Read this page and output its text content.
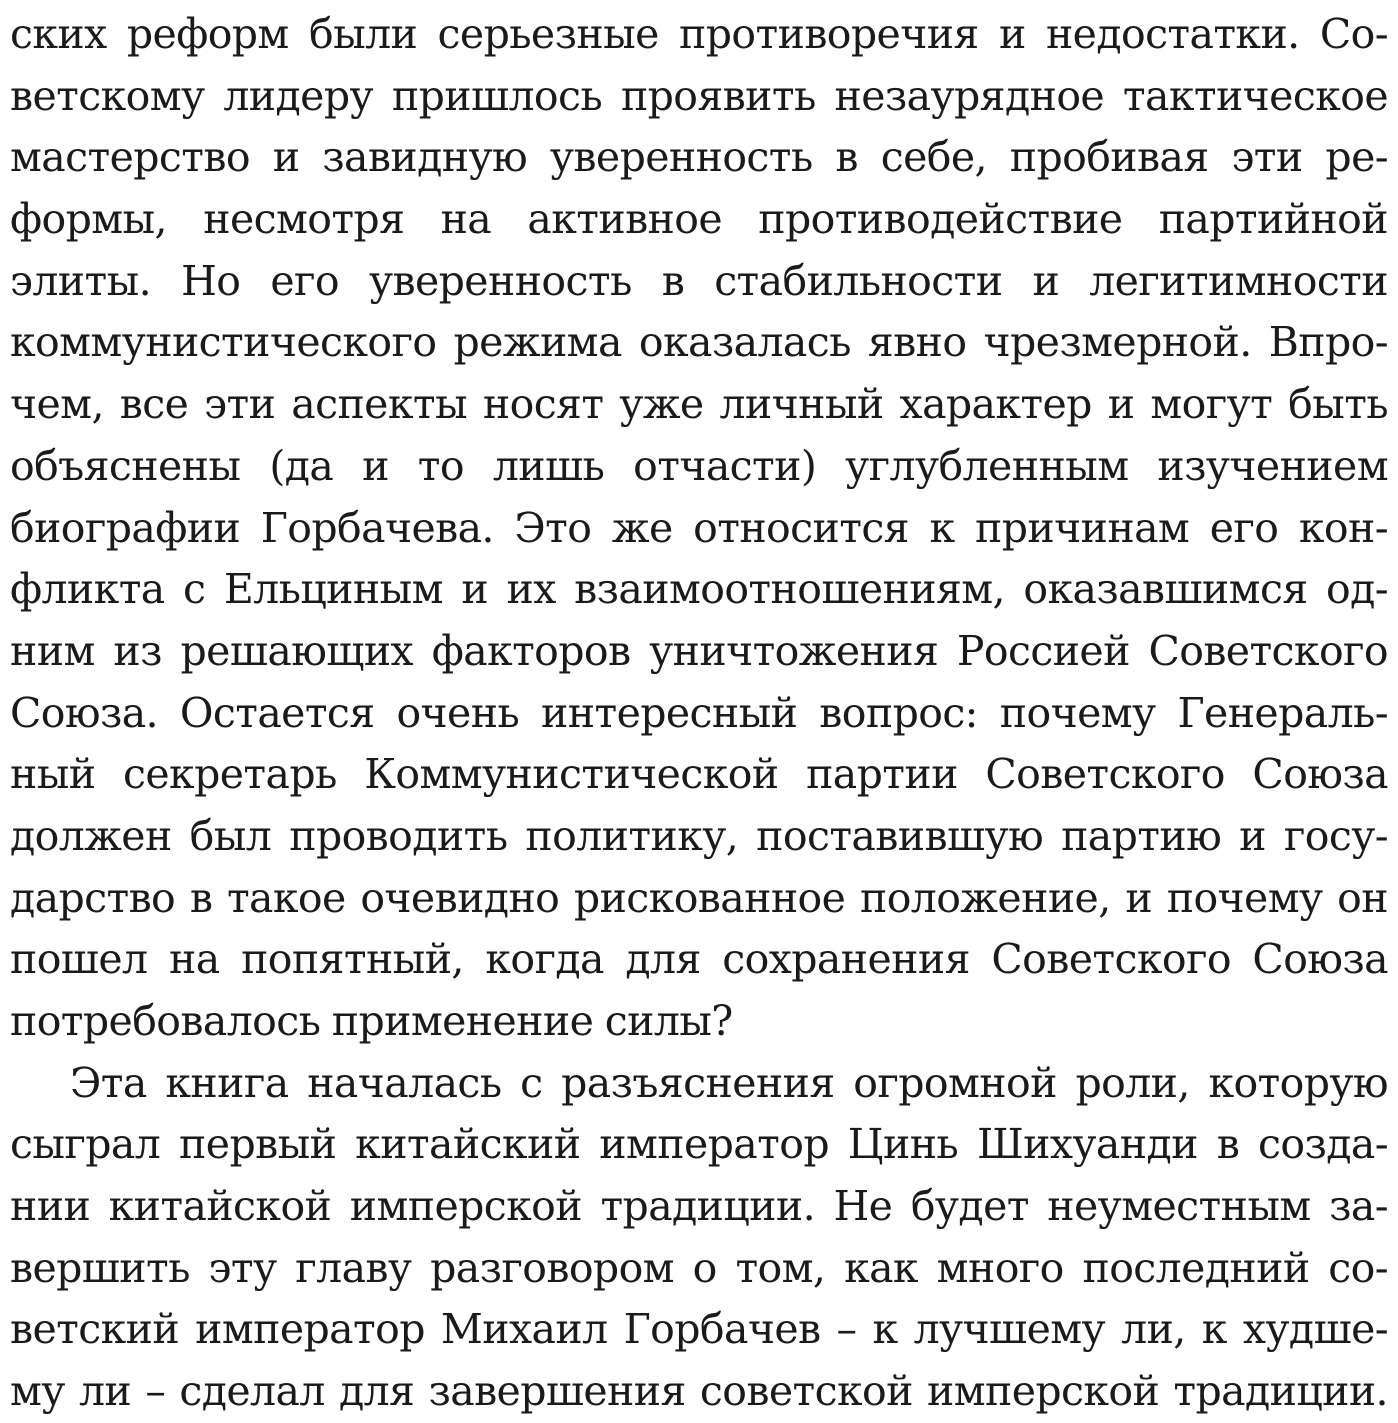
ских реформ были серьезные противоречия и недостатки. Со-
ветскому лидеру пришлось проявить незаурядное тактическое
мастерство и завидную уверенность в себе, пробивая эти ре-
формы, несмотря на активное противодействие партийной
элиты. Но его уверенность в стабильности и легитимности
коммунистического режима оказалась явно чрезмерной. Впро-
чем, все эти аспекты носят уже личный характер и могут быть
объяснены (да и то лишь отчасти) углубленным изучением
биографии Горбачева. Это же относится к причинам его кон-
фликта с Ельциным и их взаимоотношениям, оказавшимся од-
ним из решающих факторов уничтожения Россией Советского
Союза. Остается очень интересный вопрос: почему Генераль-
ный секретарь Коммунистической партии Советского Союза
должен был проводить политику, поставившую партию и госу-
дарство в такое очевидно рискованное положение, и почему он
пошел на попятный, когда для сохранения Советского Союза
потребовалось применение силы?

Эта книга началась с разъяснения огромной роли, которую
сыграл первый китайский император Цинь Шихуанди в созда-
нии китайской имперской традиции. Не будет неуместным за-
вершить эту главу разговором о том, как много последний со-
ветский император Михаил Горбачев – к лучшему ли, к худше-
му ли – сделал для завершения советской имперской традиции.
